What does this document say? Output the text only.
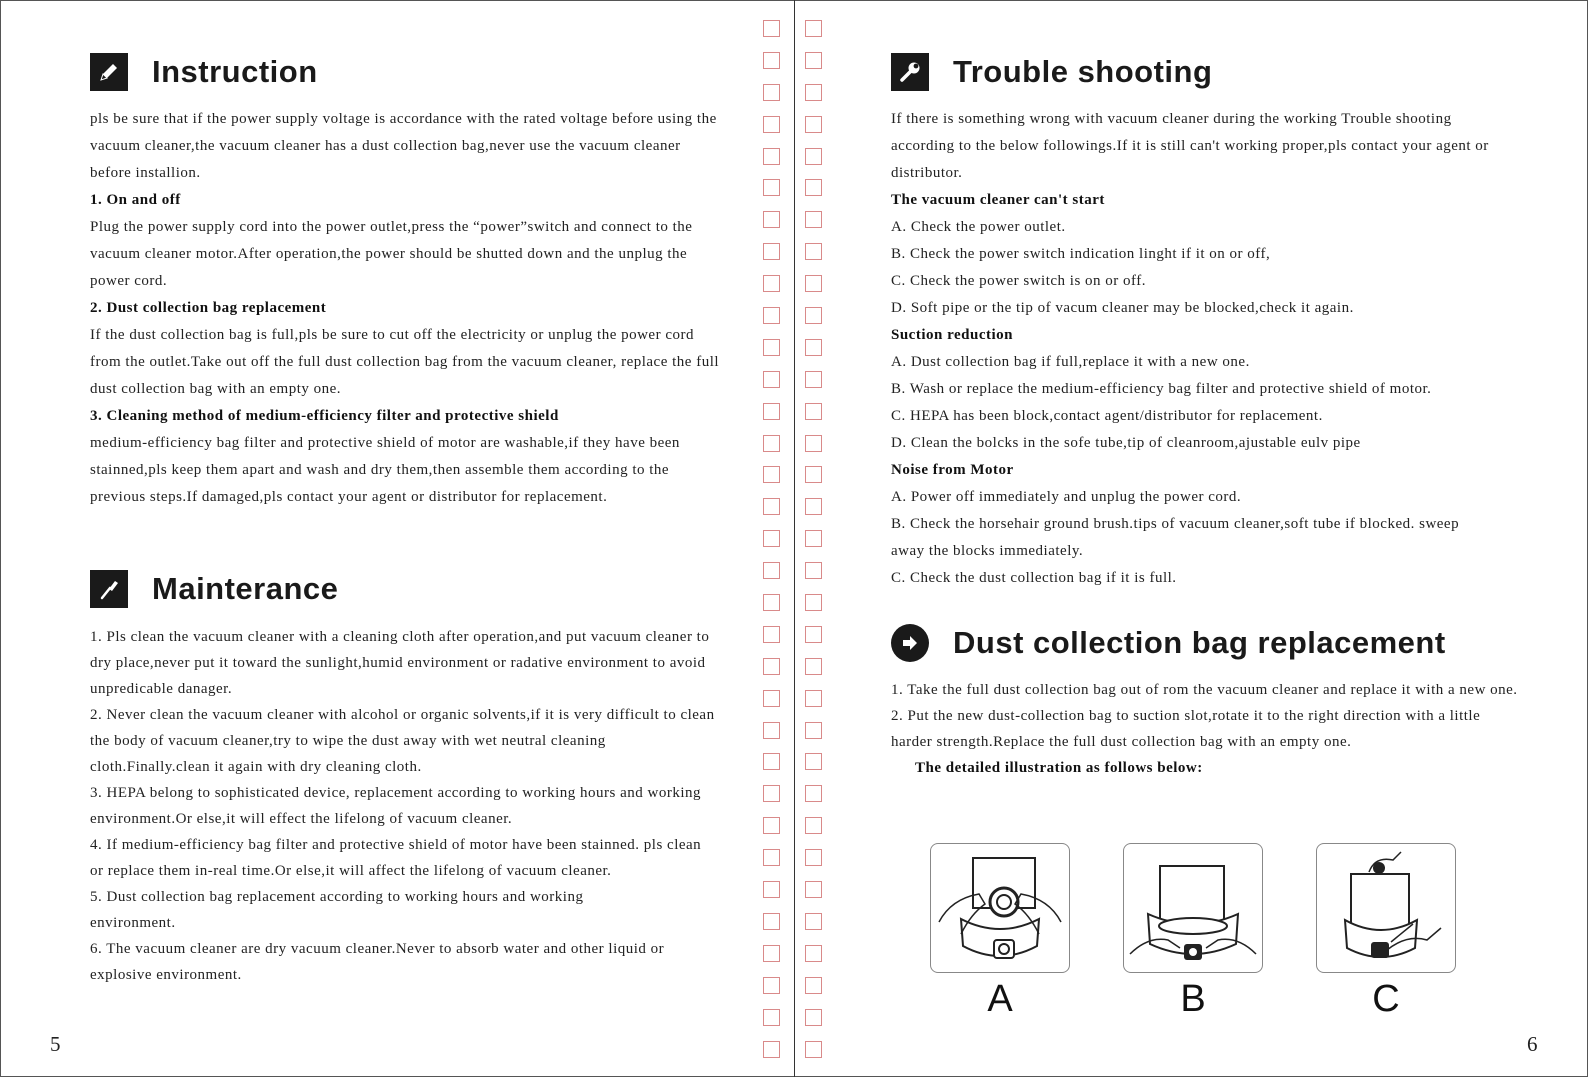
Instruction

pls be sure that if the power supply voltage is accordance with the rated voltage before using the vacuum cleaner,the vacuum cleaner has a dust collection bag,never use the vacuum cleaner before installion.

1. On and off

Plug the power supply cord into the power outlet,press the “power”switch and connect to the vacuum cleaner motor.After operation,the power should be shutted down and the unplug the power cord.

2. Dust collection bag replacement

If the dust collection bag is full,pls be sure to cut off the electricity or unplug the power cord from the outlet.Take out off the full dust collection bag from the vacuum cleaner, replace the full dust collection bag with an empty one.

3. Cleaning method of medium-efficiency filter and protective shield

medium-efficiency bag filter and protective shield of motor are washable,if they have been stainned,pls keep them apart and wash and dry them,then assemble them according to the previous steps.If damaged,pls contact your agent or distributor for replacement.

Mainterance

1. Pls clean the vacuum cleaner with a cleaning cloth after operation,and put vacuum cleaner to dry place,never put it toward the sunlight,humid environment or radative environment to avoid unpredicable danager.

2. Never clean the vacuum cleaner with alcohol or organic solvents,if it is very difficult to clean the body of vacuum cleaner,try to wipe the dust away with wet neutral cleaning cloth.Finally.clean it again with dry cleaning cloth.

3. HEPA belong to sophisticated device, replacement according to working hours and working environment.Or else,it will effect the lifelong of vacuum cleaner.

4. If medium-efficiency bag filter and protective shield of motor have been stainned. pls clean or replace them in-real time.Or else,it will affect the lifelong of vacuum cleaner.

5. Dust collection bag replacement according to working hours and working environment.

6. The vacuum cleaner are dry vacuum cleaner.Never to absorb water and other liquid or explosive environment.

5
Trouble shooting

If there is something wrong with vacuum cleaner during the working Trouble shooting according to the below followings.If it is still can't working proper,pls contact your agent or distributor.

The vacuum cleaner can't start

A. Check the power outlet.

B. Check the power switch indication linght if it on or off,

C. Check the power switch is on or off.

D. Soft pipe or the tip of vacum cleaner may be blocked,check it again.

Suction reduction

A. Dust collection bag if full,replace it with a new one.

B. Wash or replace the medium-efficiency bag filter and protective shield of motor.

C. HEPA has been block,contact agent/distributor for replacement.

D. Clean the bolcks in the sofe tube,tip of cleanroom,ajustable eulv pipe

Noise from Motor

A. Power off immediately and unplug the power cord.

B. Check the horsehair ground brush.tips of vacuum cleaner,soft tube if blocked. sweep away the blocks immediately.

C. Check the dust collection bag if it is full.

Dust collection bag replacement

1. Take the full dust collection bag out of rom the vacuum cleaner and replace it with a new one.

2. Put the new dust-collection bag to suction slot,rotate it to the right direction with a little harder strength.Replace the full dust collection bag with an empty one.

The detailed illustration as follows below:

A	B	C
6
